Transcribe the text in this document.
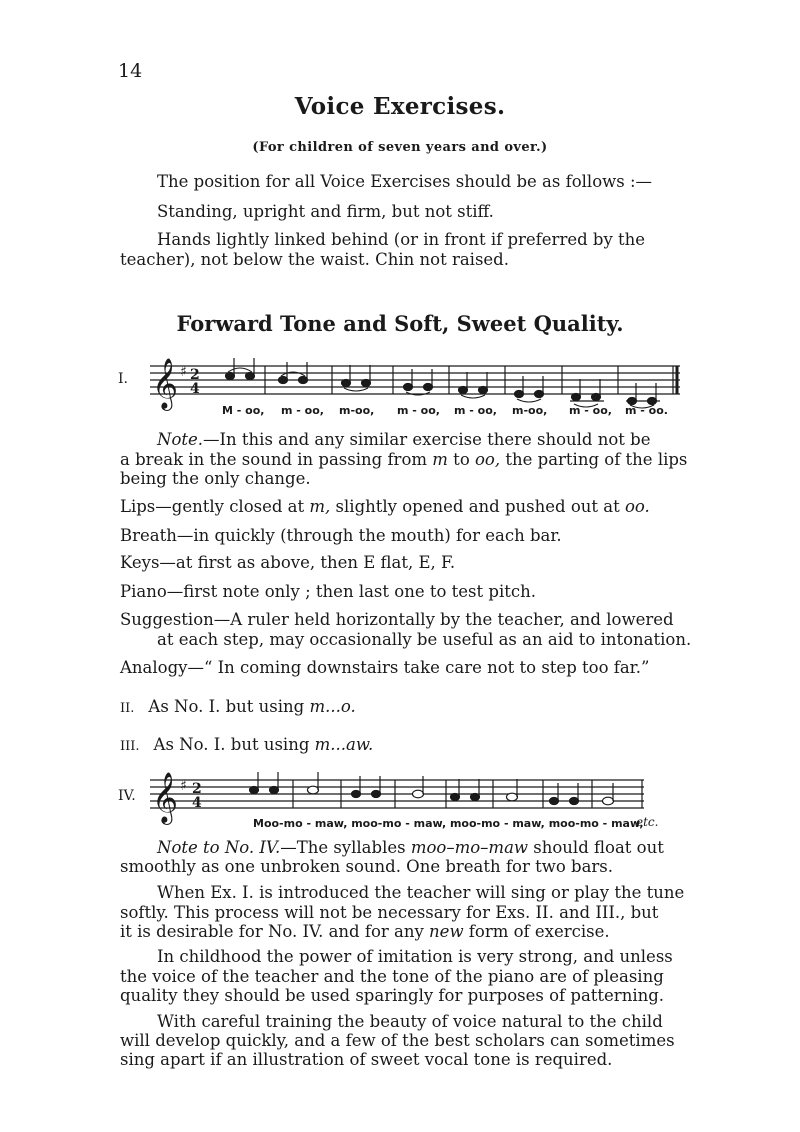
14
Voice Exercises.
(For children of seven years and over.)
The position for all Voice Exercises should be as follows :—
Standing, upright and firm, but not stiff.
Hands lightly linked behind (or in front if preferred by the
teacher), not below the waist. Chin not raised.
Forward Tone and Soft, Sweet Quality.
I. 𝄞 ♯ 2
4
M - oo, m - oo, m-oo, m - oo, m - oo, m-oo, m - oo, m - oo.
Note.—In this and any similar exercise there should not be
a break in the sound in passing from m to oo, the parting of the lips
being the only change.
Lips—gently closed at m, slightly opened and pushed out at oo.
Breath—in quickly (through the mouth) for each bar.
Keys—at first as above, then E flat, E, F.
Piano—first note only ; then last one to test pitch.
Suggestion—A ruler held horizontally by the teacher, and lowered
at each step, may occasionally be useful as an aid to intonation.
Analogy—“ In coming downstairs take care not to step too far.”
II. As No. I. but using m...o.
III. As No. I. but using m...aw.
IV. 𝄞 ♯ 2
4
Moo-mo - maw, moo-mo - maw, moo-mo - maw, moo-mo - maw,
etc.
Note to No. IV.—The syllables moo–mo–maw should float out
smoothly as one unbroken sound. One breath for two bars.
When Ex. I. is introduced the teacher will sing or play the tune
softly. This process will not be necessary for Exs. II. and III., but
it is desirable for No. IV. and for any new form of exercise.
In childhood the power of imitation is very strong, and unless
the voice of the teacher and the tone of the piano are of pleasing
quality they should be used sparingly for purposes of patterning.
With careful training the beauty of voice natural to the child
will develop quickly, and a few of the best scholars can sometimes
sing apart if an illustration of sweet vocal tone is required.
